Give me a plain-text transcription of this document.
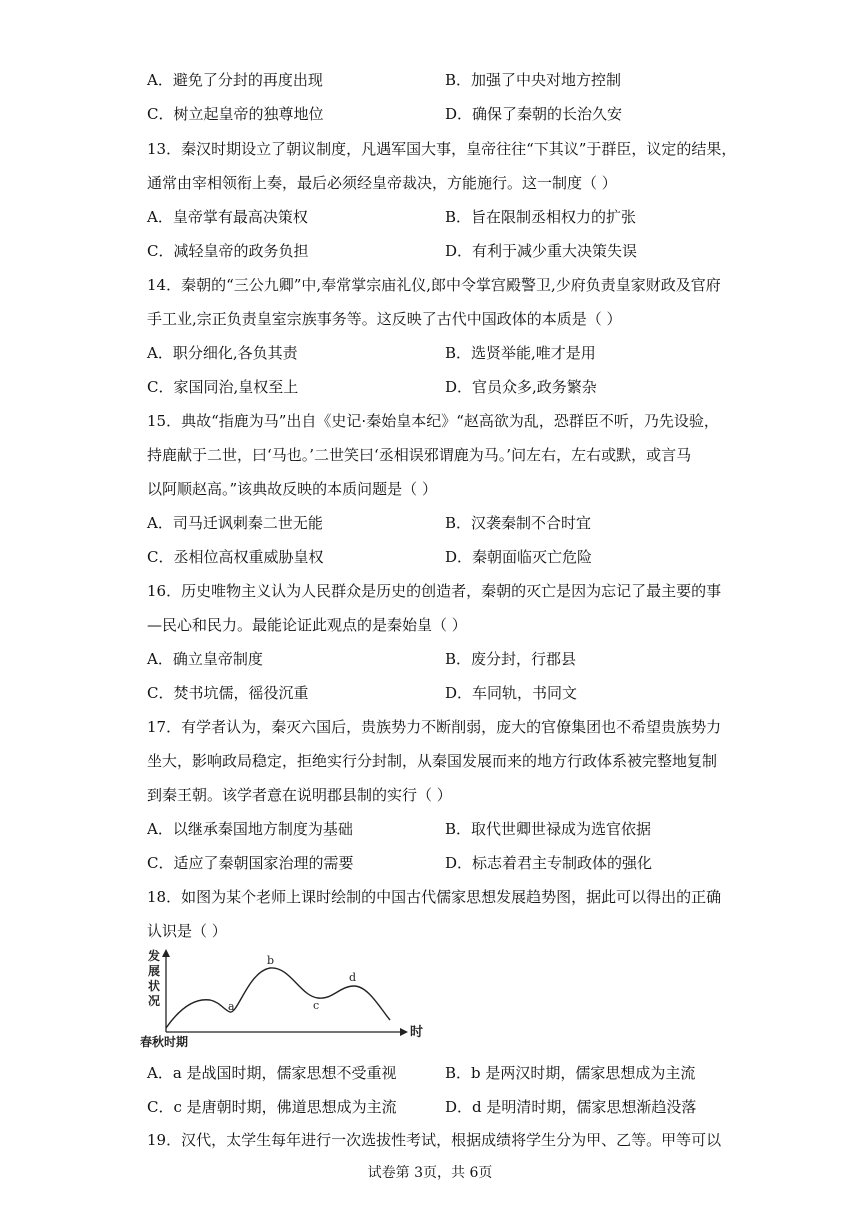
A．避免了分封的再度出现	B．加强了中央对地方控制
C．树立起皇帝的独尊地位	D．确保了秦朝的长治久安
13．秦汉时期设立了朝议制度，凡遇军国大事，皇帝往往“下其议”于群臣，议定的结果，
通常由宰相领衔上奏，最后必须经皇帝裁决，方能施行。这一制度（ ）
A．皇帝掌有最高决策权	B．旨在限制丞相权力的扩张
C．减轻皇帝的政务负担	D．有利于减少重大决策失误
14．秦朝的“三公九卿”中,奉常掌宗庙礼仪,郎中令掌宫殿警卫,少府负责皇家财政及官府
手工业,宗正负责皇室宗族事务等。这反映了古代中国政体的本质是（ ）
A．职分细化,各负其责	B．选贤举能,唯才是用
C．家国同治,皇权至上	D．官员众多,政务繁杂
15．典故“指鹿为马”出自《史记·秦始皇本纪》“赵高欲为乱，恐群臣不听，乃先设验，
持鹿献于二世，曰‘马也。’二世笑曰‘丞相误邪谓鹿为马。’问左右，左右或默，或言马
以阿顺赵高。”该典故反映的本质问题是（ ）
A．司马迁讽刺秦二世无能	B．汉袭秦制不合时宜
C．丞相位高权重威胁皇权	D．秦朝面临灭亡危险
16．历史唯物主义认为人民群众是历史的创造者，秦朝的灭亡是因为忘记了最主要的事
—民心和民力。最能论证此观点的是秦始皇（ ）
A．确立皇帝制度	B．废分封，行郡县
C．焚书坑儒，徭役沉重	D．车同轨，书同文
17．有学者认为，秦灭六国后，贵族势力不断削弱，庞大的官僚集团也不希望贵族势力
坐大，影响政局稳定，拒绝实行分封制，从秦国发展而来的地方行政体系被完整地复制
到秦王朝。该学者意在说明郡县制的实行（ ）
A．以继承秦国地方制度为基础	B．取代世卿世禄成为选官依据
C．适应了秦朝国家治理的需要	D．标志着君主专制政体的强化
18．如图为某个老师上课时绘制的中国古代儒家思想发展趋势图，据此可以得出的正确
认识是（ ）
发
展
状
况
春秋时期
时
a
b
c
d
A．a 是战国时期，儒家思想不受重视	B．b 是两汉时期，儒家思想成为主流
C．c 是唐朝时期，佛道思想成为主流	D．d 是明清时期，儒家思想渐趋没落
19．汉代，太学生每年进行一次选拔性考试，根据成绩将学生分为甲、乙等。甲等可以
试卷第 3页，共 6页
